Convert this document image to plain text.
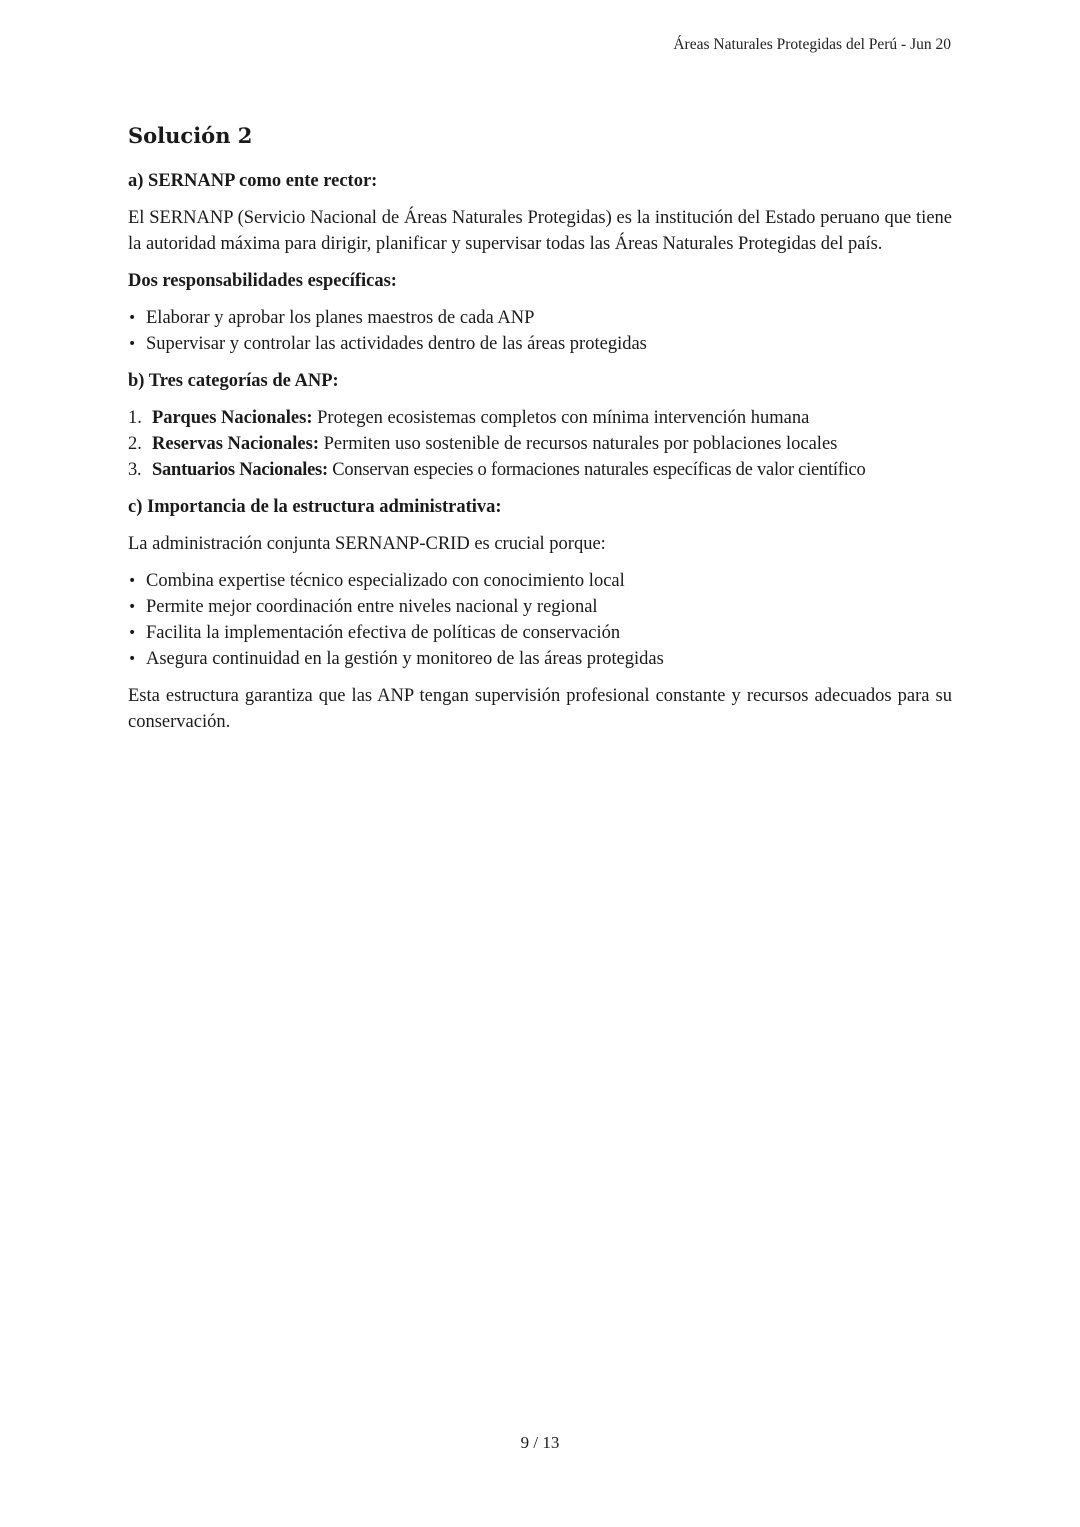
Áreas Naturales Protegidas del Perú - Jun 20
Solución 2
a) SERNANP como ente rector:

El SERNANP (Servicio Nacional de Áreas Naturales Protegidas) es la institución del Estado peruano que tiene la autoridad máxima para dirigir, planificar y supervisar todas las Áreas Naturales Protegidas del país.

Dos responsabilidades específicas:
• Elaborar y aprobar los planes maestros de cada ANP
• Supervisar y controlar las actividades dentro de las áreas protegidas
b) Tres categorías de ANP:
1. Parques Nacionales: Protegen ecosistemas completos con mínima intervención humana
2. Reservas Nacionales: Permiten uso sostenible de recursos naturales por poblaciones locales
3. Santuarios Nacionales: Conservan especies o formaciones naturales específicas de valor científico
c) Importancia de la estructura administrativa:

La administración conjunta SERNANP-CRID es crucial porque:

• Combina expertise técnico especializado con conocimiento local
• Permite mejor coordinación entre niveles nacional y regional
• Facilita la implementación efectiva de políticas de conservación
• Asegura continuidad en la gestión y monitoreo de las áreas protegidas

Esta estructura garantiza que las ANP tengan supervisión profesional constante y recursos adecuados para su conservación.

9 / 13
